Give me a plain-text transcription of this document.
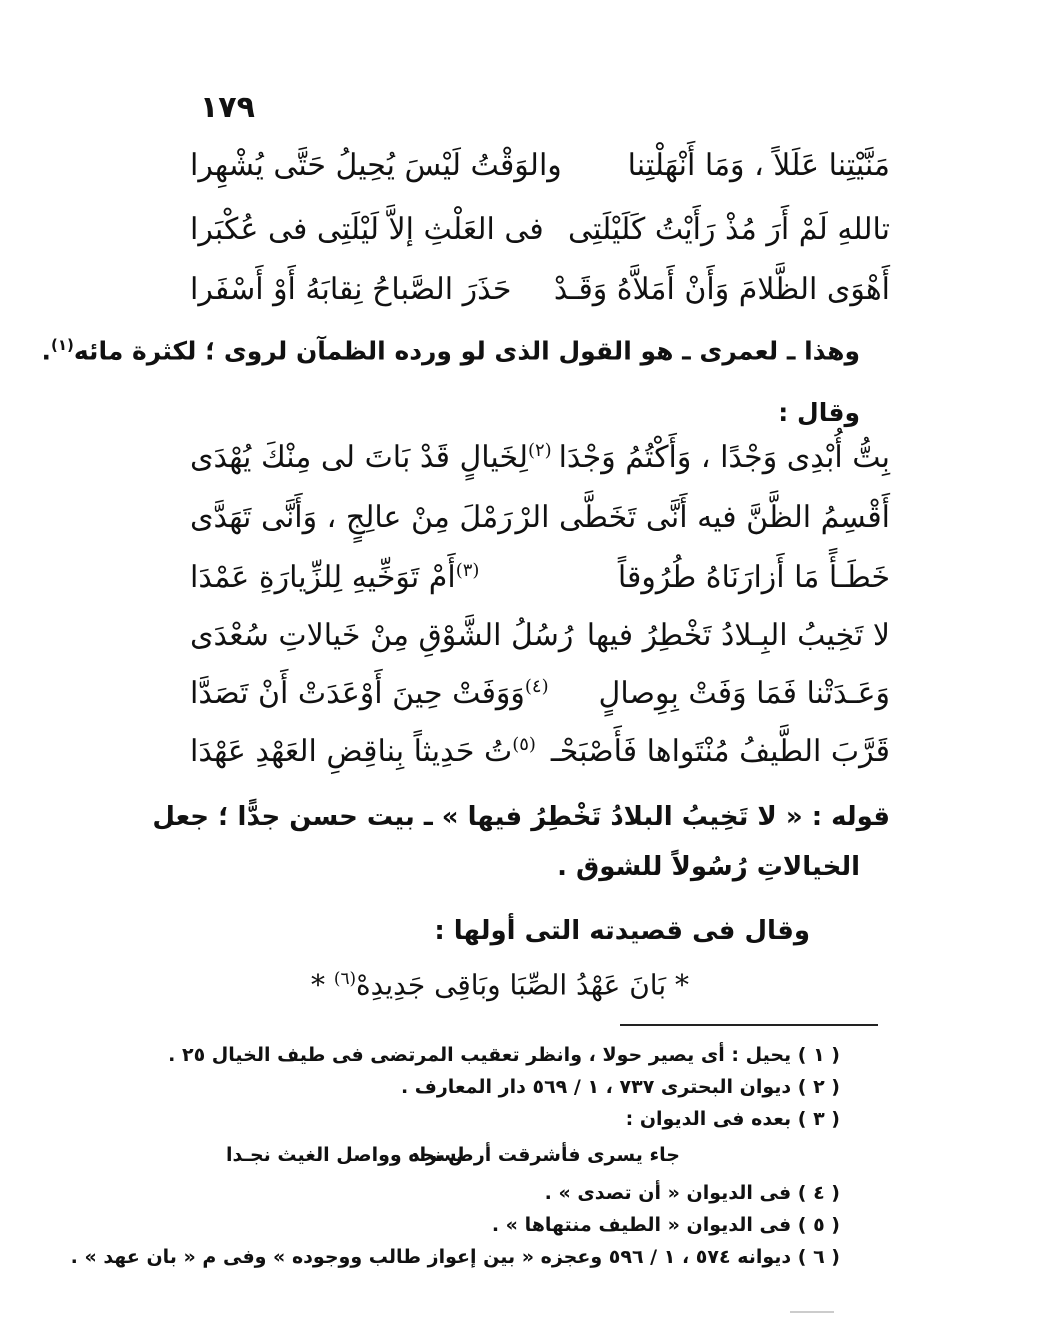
١٧٩
مَنَّيْتِنا عَلَلاً ، وَمَا أَنْهَلْتِنا
والوَقْتُ لَيْسَ يُحِيلُ حَتَّى يُشْهِرا
تاللهِ لَمْ أَرَ مُذْ رَأَيْتُ كَلَيْلَتِى
فى العَلْثِ إلاَّ لَيْلَتِى فى عُكْبَرا
أَهْوَى الظَّلامَ وَأَنْ أَمَلاَّهُ وَقَـدْ
حَذَرَ الصَّباحُ نِقابَهُ أَوْ أَسْفَرا
وهذا ـ لعمرى ـ هو القول الذى لو ورده الظمآن لروى ؛ لكثرة مائه$^{(١)}$.
وقال :
بِتُّ أُبْدِى وَجْدًا ، وَأَكْتُمُ وَجْدَا
$^{(٢)}$لِخَيالٍ قَدْ بَاتَ لى مِنْكَ يُهْدَى
أَقْسِمُ الظَّنَّ فيه أَنَّى تَخَطَّى الرْ
رَمْلَ مِنْ عالِجٍ ، وَأَنَّى تَهَدَّى
خَطَـأً مَا أَزارَنَاهُ طُرُوقاً
$^{(٣)}$أَمْ تَوَخِّيهِ لِلزِّيارَةِ عَمْدَا
لا تَخِيبُ البِـلادُ تَخْطِرُ فيها
رُسُلُ الشَّوْقِ مِنْ خَيالاتِ سُعْدَى
وَعَـدَتْنا فَمَا وَفَتْ بِوِصالٍ
$^{(٤)}$وَوَفَتْ حِينَ أَوْعَدَتْ أَنْ تَصَدَّا
قَرَّبَ الطَّيفُ مُنْتَواها فَأَصْبَحْـ
$^{(٥)}$تُ حَدِيثاً بِناقِضِ العَهْدِ عَهْدَا
قوله : « لا تَخِيبُ البلادُ تَخْطِرُ فيها » ـ بيت حسن جدًّا ؛ جعل
الخيالاتِ رُسُولاً للشوق .
وقال فى قصيدته التى أولها :
* بَانَ عَهْدُ الصِّبَا وبَاقِى جَدِيدِهْ$^{(٦)}$ *
( ١ ) يحيل : أى يصير حولا ، وانظر تعقيب المرتضى فى طيف الخيال ٢٥ .
( ٢ ) ديوان البحترى ٧٣٧ ، ١ / ٥٦٩ دار المعارف .
( ٣ ) بعده فى الديوان :
جاء يسرى فأشرقت أرض نجد
لسراه وواصل الغيث نجـدا
( ٤ ) فى الديوان « أن تصدى » .
( ٥ ) فى الديوان « الطيف منتهاها » .
( ٦ ) ديوانه ٥٧٤ ، ١ / ٥٩٦ وعجزه « بين إعواز طالب ووجوده » وفى م « بان عهد » .
